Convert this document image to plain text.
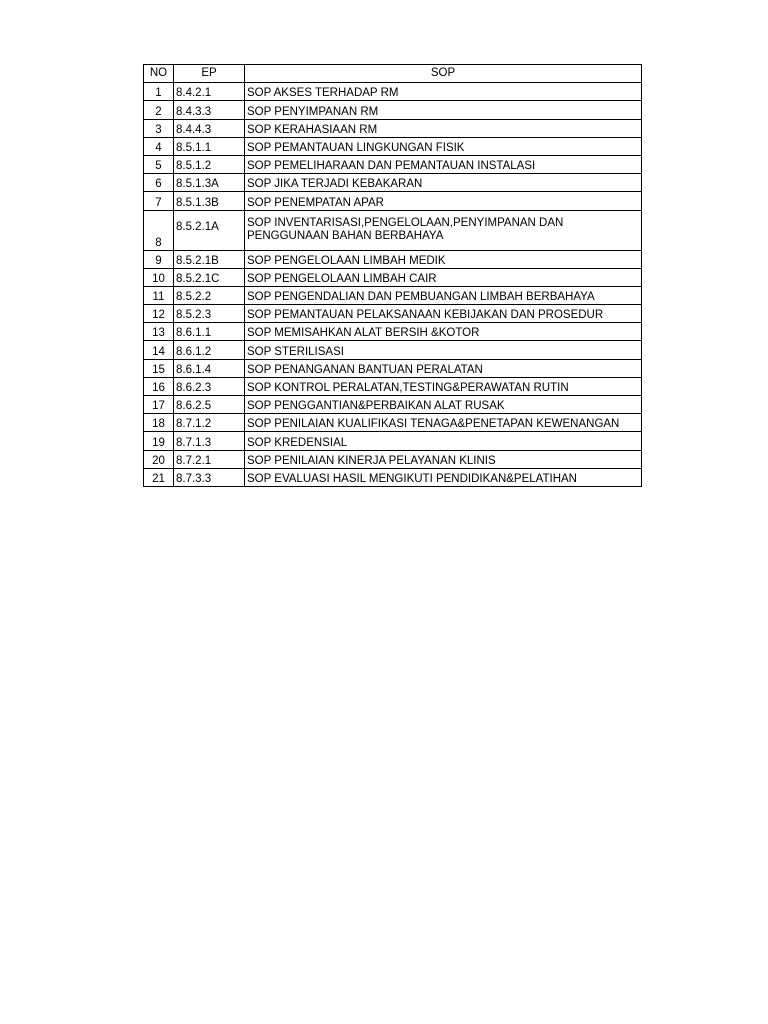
NO	EP	SOP
1	8.4.2.1	SOP AKSES TERHADAP RM
2	8.4.3.3	SOP PENYIMPANAN RM
3	8.4.4.3	SOP KERAHASIAAN RM
4	8.5.1.1	SOP PEMANTAUAN LINGKUNGAN FISIK
5	8.5.1.2	SOP PEMELIHARAAN DAN PEMANTAUAN INSTALASI
6	8.5.1.3A	SOP JIKA TERJADI KEBAKARAN
7	8.5.1.3B	SOP PENEMPATAN APAR
8	8.5.2.1A	SOP INVENTARISASI,PENGELOLAAN,PENYIMPANAN DAN PENGGUNAAN BAHAN BERBAHAYA
9	8.5.2.1B	SOP PENGELOLAAN LIMBAH MEDIK
10	8.5.2.1C	SOP PENGELOLAAN LIMBAH CAIR
11	8.5.2.2	SOP PENGENDALIAN DAN PEMBUANGAN LIMBAH BERBAHAYA
12	8.5.2.3	SOP PEMANTAUAN PELAKSANAAN KEBIJAKAN DAN PROSEDUR
13	8.6.1.1	SOP MEMISAHKAN ALAT BERSIH &KOTOR
14	8.6.1.2	SOP STERILISASI
15	8.6.1.4	SOP PENANGANAN BANTUAN PERALATAN
16	8.6.2.3	SOP KONTROL PERALATAN,TESTING&PERAWATAN RUTIN
17	8.6.2.5	SOP PENGGANTIAN&PERBAIKAN ALAT RUSAK
18	8.7.1.2	SOP PENILAIAN KUALIFIKASI TENAGA&PENETAPAN KEWENANGAN
19	8.7.1.3	SOP KREDENSIAL
20	8.7.2.1	SOP PENILAIAN KINERJA PELAYANAN KLINIS
21	8.7.3.3	SOP EVALUASI HASIL MENGIKUTI PENDIDIKAN&PELATIHAN
